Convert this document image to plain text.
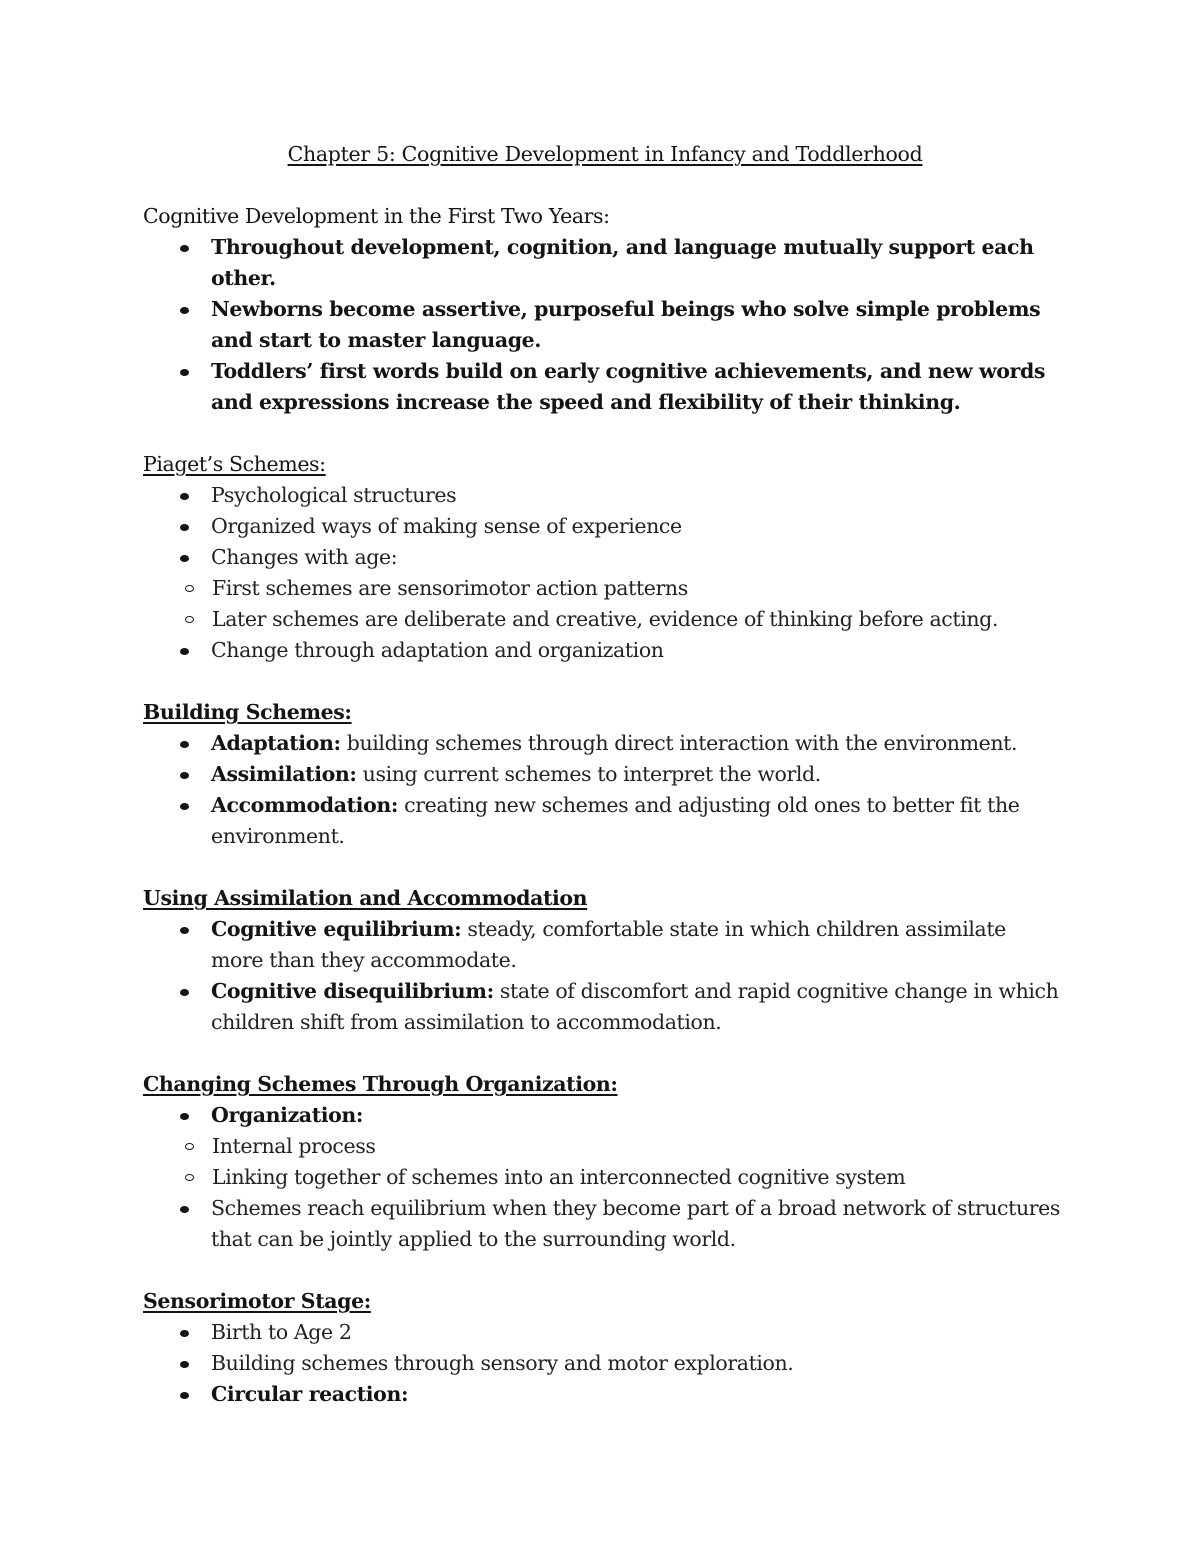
Chapter 5: Cognitive Development in Infancy and Toddlerhood

Cognitive Development in the First Two Years:

Throughout development, cognition, and language mutually support each other.
Newborns become assertive, purposeful beings who solve simple problems and start to master language.
Toddlers’ first words build on early cognitive achievements, and new words and expressions increase the speed and flexibility of their thinking.

Piaget’s Schemes:

Psychological structures
Organized ways of making sense of experience
Changes with age:
First schemes are sensorimotor action patterns
Later schemes are deliberate and creative, evidence of thinking before acting.
Change through adaptation and organization

Building Schemes:

Adaptation: building schemes through direct interaction with the environment.
Assimilation: using current schemes to interpret the world.
Accommodation: creating new schemes and adjusting old ones to better fit the environment.

Using Assimilation and Accommodation

Cognitive equilibrium: steady, comfortable state in which children assimilate more than they accommodate.
Cognitive disequilibrium: state of discomfort and rapid cognitive change in which children shift from assimilation to accommodation.

Changing Schemes Through Organization:

Organization:
Internal process
Linking together of schemes into an interconnected cognitive system
Schemes reach equilibrium when they become part of a broad network of structures that can be jointly applied to the surrounding world.

Sensorimotor Stage:

Birth to Age 2
Building schemes through sensory and motor exploration.
Circular reaction:
